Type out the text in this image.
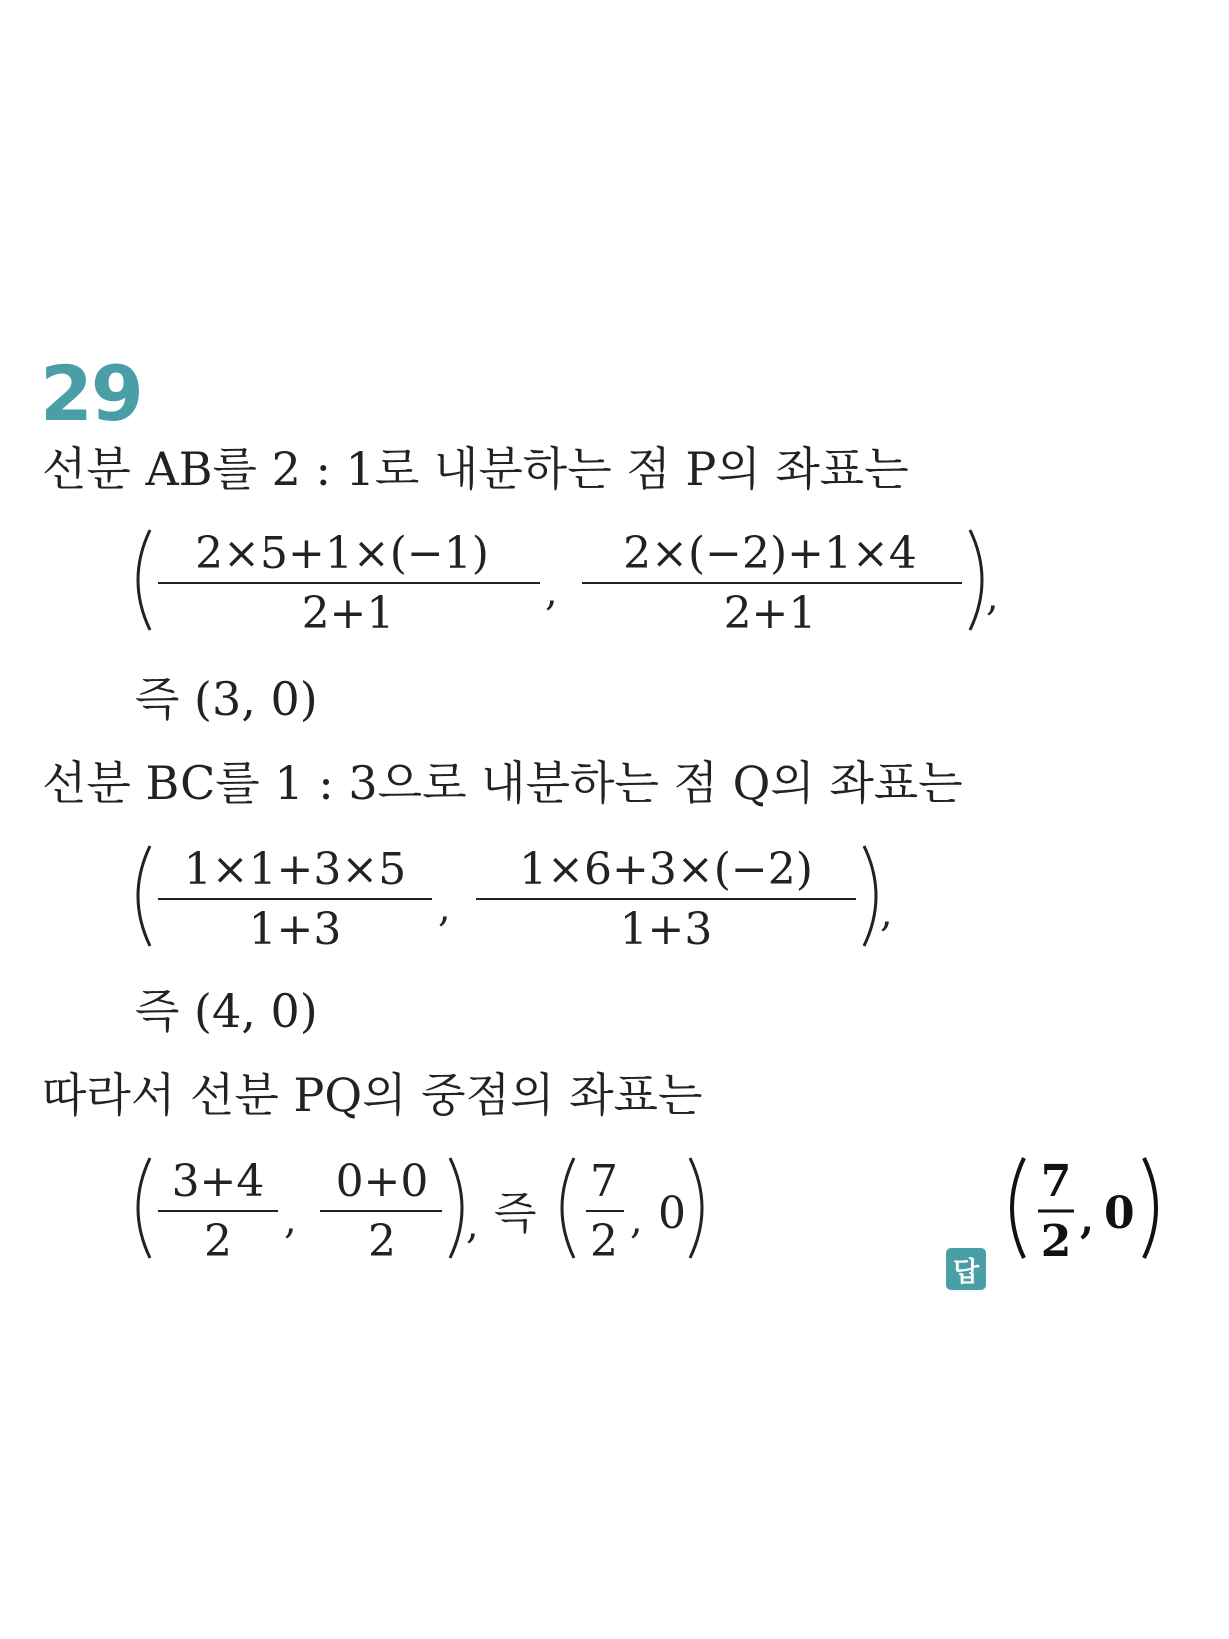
29
선분 AB를 2 : 1로 내분하는 점 P의 좌표는
2×5+1×(−1)
2+1	,
2×(−2)+1×4
2+1	,
즉 (3, 0)
선분 BC를 1 : 3으로 내분하는 점 Q의 좌표는
1×1+3×5
1+3 ,
1×6+3×(−2)
1+3	,
즉 (4, 0)
따라서 선분 PQ의 중점의 좌표는
3+4
2 ,
0+0
2 , 즉
7
2 , 0
답
7
2 , 0
